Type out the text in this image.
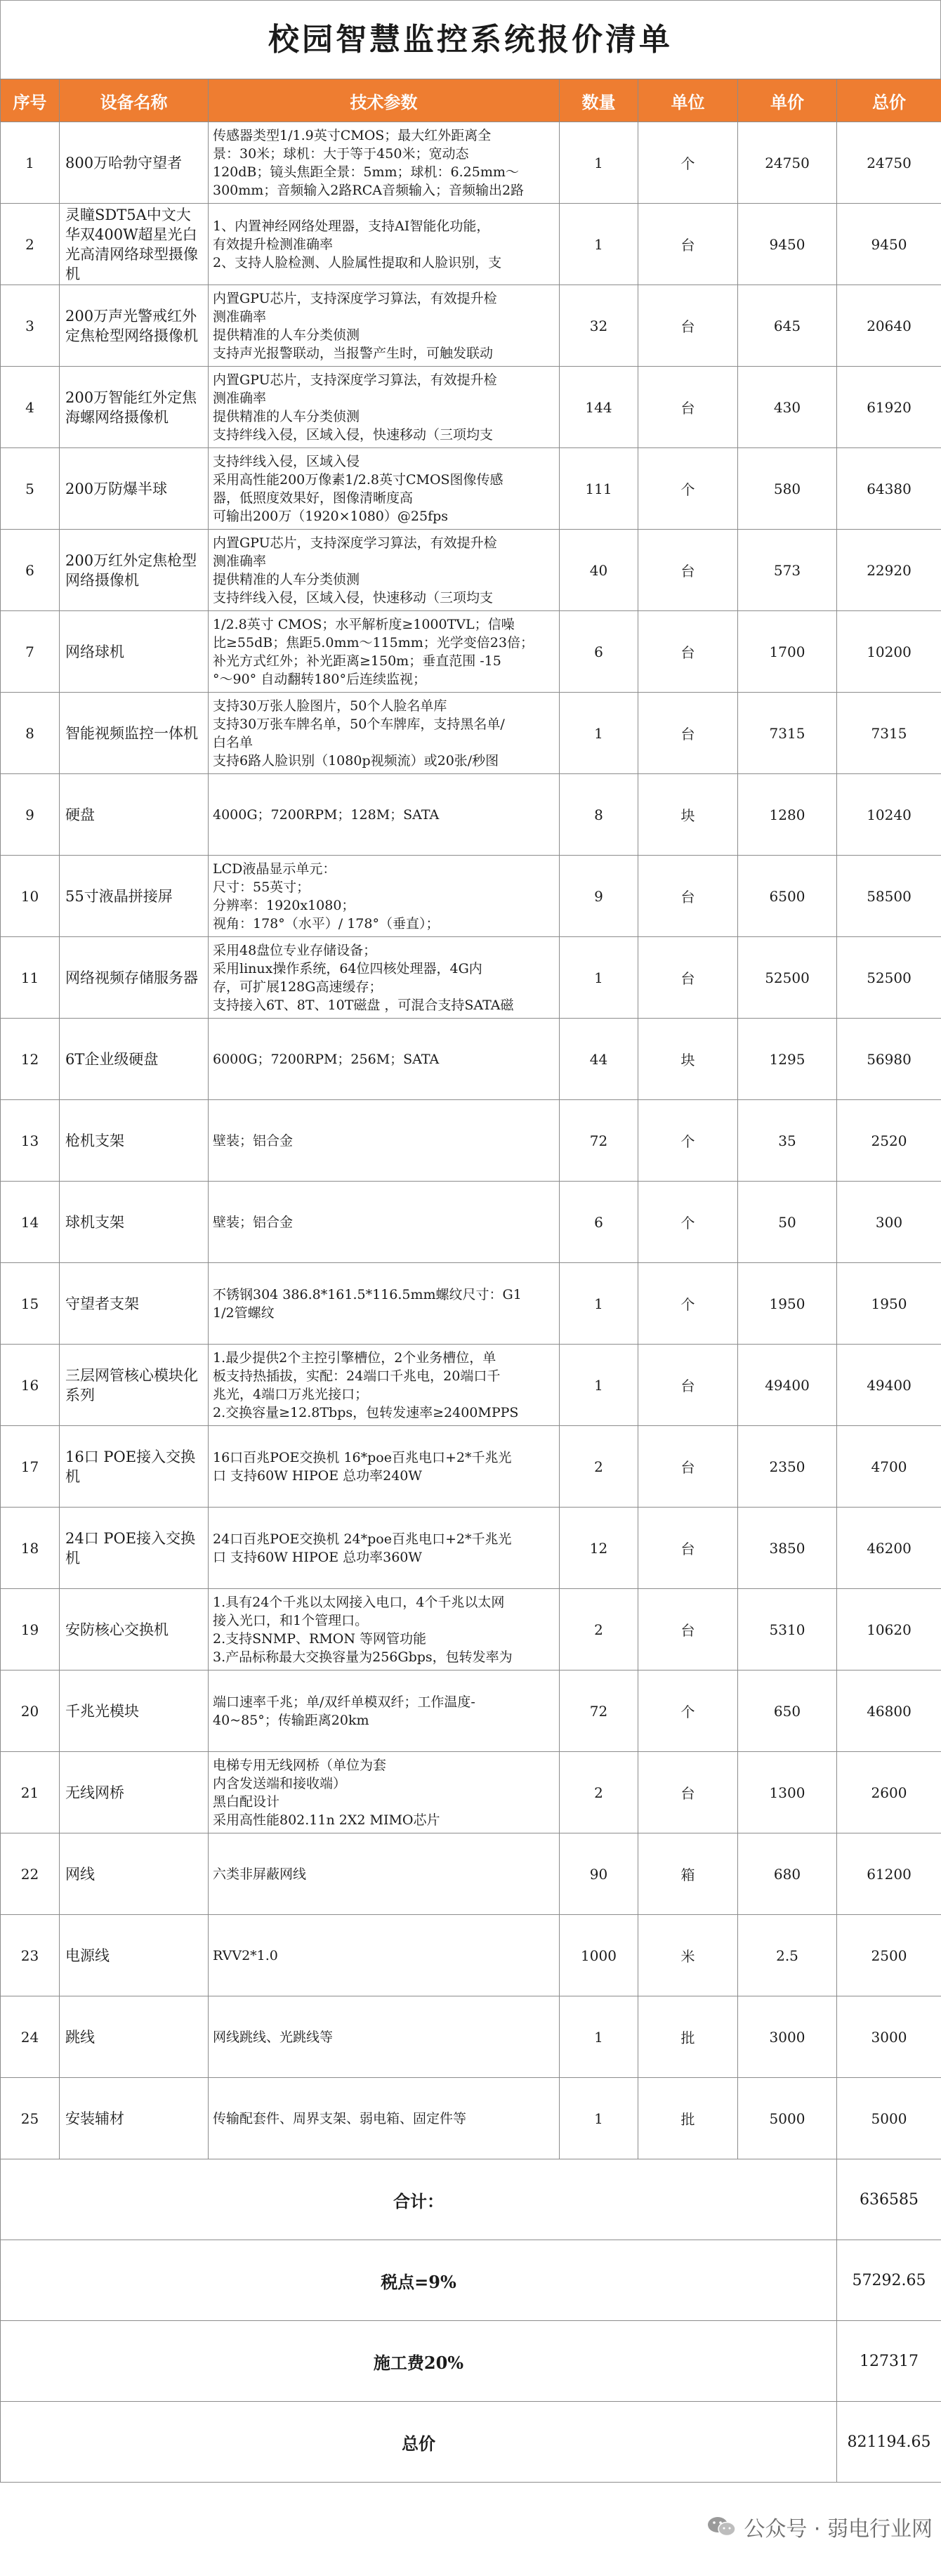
校园智慧监控系统报价清单
序号	设备名称	技术参数	数量	单位	单价	总价
1	800万哈勃守望者	传感器类型1/1.9英寸CMOS；最大红外距离全
景：30米；球机：大于等于450米；宽动态
120dB；镜头焦距全景：5mm；球机：6.25mm～
300mm；音频输入2路RCA音频输入；音频输出2路	1	个	24750	24750
2	灵瞳SDT5A中文大华双400W超星光白光高清网络球型摄像机	1、内置神经网络处理器，支持AI智能化功能，
有效提升检测准确率
2、支持人脸检测、人脸属性提取和人脸识别，支	1	台	9450	9450
3	200万声光警戒红外定焦枪型网络摄像机	内置GPU芯片，支持深度学习算法，有效提升检
测准确率
提供精准的人车分类侦测
支持声光报警联动，当报警产生时，可触发联动	32	台	645	20640
4	200万智能红外定焦海螺网络摄像机	内置GPU芯片，支持深度学习算法，有效提升检
测准确率
提供精准的人车分类侦测
支持绊线入侵，区域入侵，快速移动（三项均支	144	台	430	61920
5	200万防爆半球	支持绊线入侵，区域入侵
采用高性能200万像素1/2.8英寸CMOS图像传感
器，低照度效果好，图像清晰度高
可输出200万（1920×1080）@25fps	111	个	580	64380
6	200万红外定焦枪型网络摄像机	内置GPU芯片，支持深度学习算法，有效提升检
测准确率
提供精准的人车分类侦测
支持绊线入侵，区域入侵，快速移动（三项均支	40	台	573	22920
7	网络球机	1/2.8英寸 CMOS；水平解析度≥1000TVL；信噪
比≥55dB；焦距5.0mm～115mm；光学变倍23倍；
补光方式红外；补光距离≥150m；垂直范围 -15
°～90° 自动翻转180°后连续监视；	6	台	1700	10200
8	智能视频监控一体机	支持30万张人脸图片，50个人脸名单库
支持30万张车牌名单，50个车牌库，支持黑名单/
白名单
支持6路人脸识别（1080p视频流）或20张/秒图	1	台	7315	7315
9	硬盘	4000G；7200RPM；128M；SATA	8	块	1280	10240
10	55寸液晶拼接屏	LCD液晶显示单元：
尺寸：55英寸；
分辨率：1920x1080；
视角：178°（水平）/ 178°（垂直）；	9	台	6500	58500
11	网络视频存储服务器	采用48盘位专业存储设备；
采用linux操作系统，64位四核处理器，4G内
存，可扩展128G高速缓存；
支持接入6T、8T、10T磁盘 ，可混合支持SATA磁	1	台	52500	52500
12	6T企业级硬盘	6000G；7200RPM；256M；SATA	44	块	1295	56980
13	枪机支架	壁装；铝合金	72	个	35	2520
14	球机支架	壁装；铝合金	6	个	50	300
15	守望者支架	不锈钢304 386.8*161.5*116.5mm螺纹尺寸：G1
1/2管螺纹	1	个	1950	1950
16	三层网管核心模块化系列	1.最少提供2个主控引擎槽位，2个业务槽位，单
板支持热插拔，实配：24端口千兆电，20端口千
兆光，4端口万兆光接口；
2.交换容量≥12.8Tbps，包转发速率≥2400MPPS	1	台	49400	49400
17	16口 POE接入交换机	16口百兆POE交换机 16*poe百兆电口+2*千兆光
口 支持60W HIPOE 总功率240W	2	台	2350	4700
18	24口 POE接入交换机	24口百兆POE交换机 24*poe百兆电口+2*千兆光
口 支持60W HIPOE 总功率360W	12	台	3850	46200
19	安防核心交换机	1.具有24个千兆以太网接入电口，4个千兆以太网
接入光口，和1个管理口。
2.支持SNMP、RMON 等网管功能
3.产品标称最大交换容量为256Gbps，包转发率为	2	台	5310	10620
20	千兆光模块	端口速率千兆；单/双纤单模双纤；工作温度-
40~85°；传输距离20km	72	个	650	46800
21	无线网桥	电梯专用无线网桥（单位为套
内含发送端和接收端）
黑白配设计
采用高性能802.11n 2X2 MIMO芯片	2	台	1300	2600
22	网线	六类非屏蔽网线	90	箱	680	61200
23	电源线	RVV2*1.0	1000	米	2.5	2500
24	跳线	网线跳线、光跳线等	1	批	3000	3000
25	安装辅材	传输配套件、周界支架、弱电箱、固定件等	1	批	5000	5000
合计：						636585
税点=9%						57292.65
施工费20%						127317
总价						821194.65
公众号 · 弱电行业网
